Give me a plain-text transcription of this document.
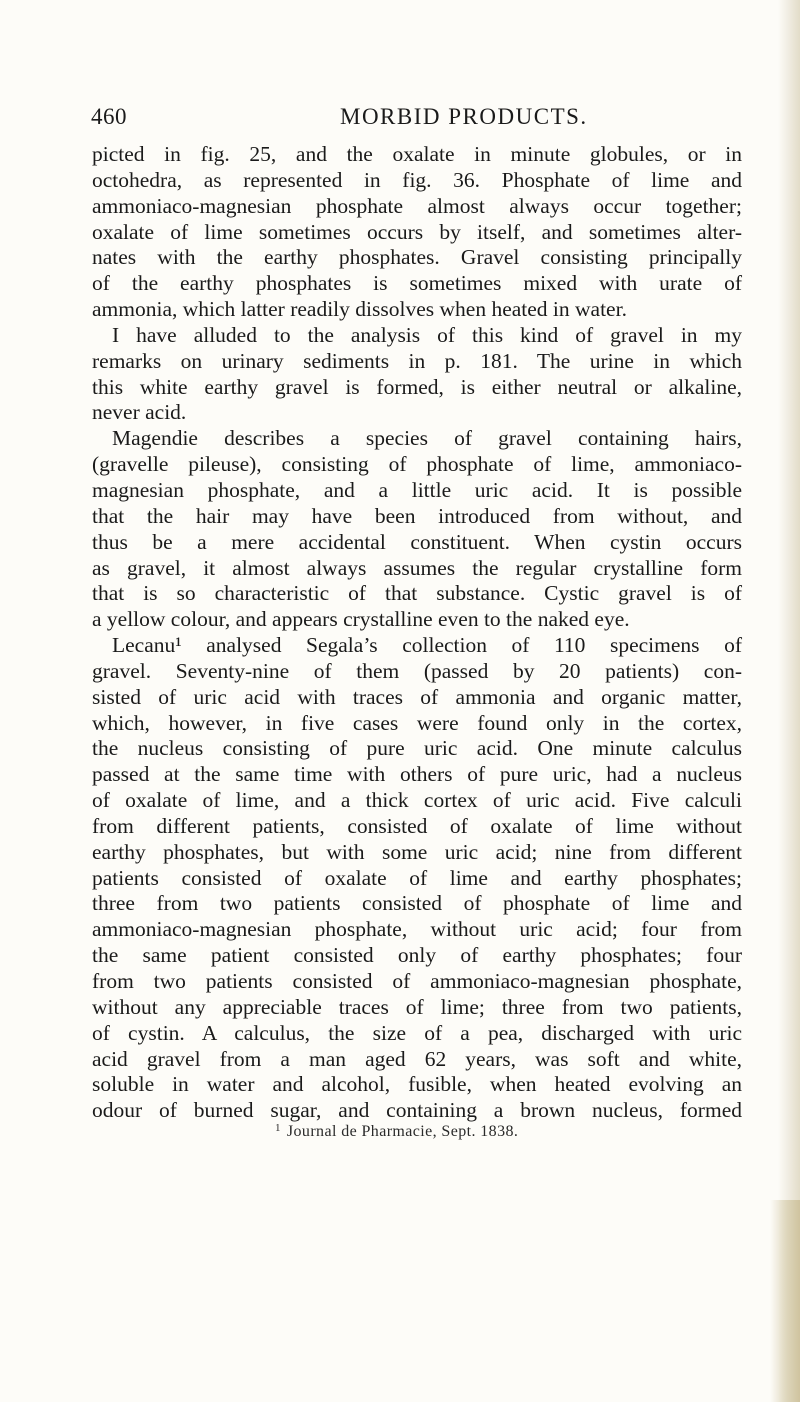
460	MORBID PRODUCTS.
picted in fig. 25, and the oxalate in minute globules, or in
octohedra, as represented in fig. 36. Phosphate of lime and
ammoniaco-magnesian phosphate almost always occur together;
oxalate of lime sometimes occurs by itself, and sometimes alter-
nates with the earthy phosphates. Gravel consisting principally
of the earthy phosphates is sometimes mixed with urate of
ammonia, which latter readily dissolves when heated in water.
I have alluded to the analysis of this kind of gravel in my
remarks on urinary sediments in p. 181. The urine in which
this white earthy gravel is formed, is either neutral or alkaline,
never acid.
Magendie describes a species of gravel containing hairs,
(gravelle pileuse), consisting of phosphate of lime, ammoniaco-
magnesian phosphate, and a little uric acid. It is possible
that the hair may have been introduced from without, and
thus be a mere accidental constituent. When cystin occurs
as gravel, it almost always assumes the regular crystalline form
that is so characteristic of that substance. Cystic gravel is of
a yellow colour, and appears crystalline even to the naked eye.
Lecanu¹ analysed Segala’s collection of 110 specimens of
gravel. Seventy-nine of them (passed by 20 patients) con-
sisted of uric acid with traces of ammonia and organic matter,
which, however, in five cases were found only in the cortex,
the nucleus consisting of pure uric acid. One minute calculus
passed at the same time with others of pure uric, had a nucleus
of oxalate of lime, and a thick cortex of uric acid. Five calculi
from different patients, consisted of oxalate of lime without
earthy phosphates, but with some uric acid; nine from different
patients consisted of oxalate of lime and earthy phosphates;
three from two patients consisted of phosphate of lime and
ammoniaco-magnesian phosphate, without uric acid; four from
the same patient consisted only of earthy phosphates; four
from two patients consisted of ammoniaco-magnesian phosphate,
without any appreciable traces of lime; three from two patients,
of cystin. A calculus, the size of a pea, discharged with uric
acid gravel from a man aged 62 years, was soft and white,
soluble in water and alcohol, fusible, when heated evolving an
odour of burned sugar, and containing a brown nucleus, formed
$^1$ Journal de Pharmacie, Sept. 1838.
